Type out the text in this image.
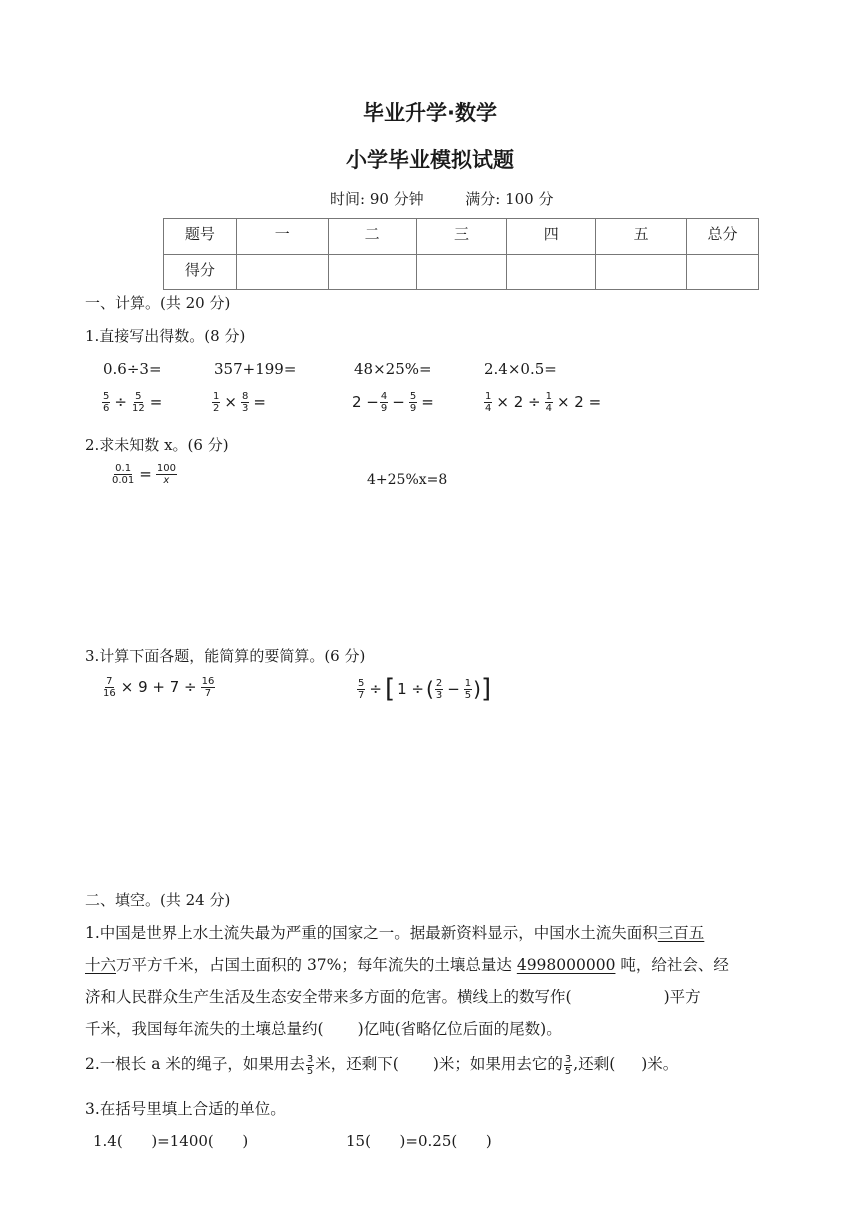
毕业升学·数学
小学毕业模拟试题
时间: 90 分钟	满分: 100 分
题号	一	二	三	四	五	总分
得分						
一、计算。(共 20 分)
1.直接写出得数。(8 分)
0.6÷3=	357+199=	48×25%=	2.4×0.5=
$\frac{5}{6} \div \frac{5}{12}$ =	$\frac{1}{2} \times \frac{8}{3}$ =	$2 - \frac{4}{9} - \frac{5}{9}$ =	$\frac{1}{4} \times 2 \div \frac{1}{4} \times 2$ =
2.求未知数 x。(6 分)
$\frac{0.1}{0.01} = \frac{100}{x}$	4+25%x=8
3.计算下面各题，能简算的要简算。(6 分)
$\frac{7}{16} \times 9 + 7 \div \frac{16}{7}$	$\frac{5}{7}$ ÷ [ 1 ÷ ( $\frac{2}{3} - \frac{1}{5}$ )]
二、填空。(共 24 分)
1.中国是世界上水土流失最为严重的国家之一。据最新资料显示，中国水土流失面积三百五
十六万平方千米，占国土面积的 37%；每年流失的土壤总量达 4998000000 吨，给社会、经
济和人民群众生产生活及生态安全带来多方面的危害。横线上的数写作(	)平方
千米，我国每年流失的土壤总量约( )亿吨(省略亿位后面的尾数)。
2.一根长 a 米的绳子，如果用去 $\frac{3}{5}$ 米，还剩下( )米；如果用去它的 $\frac{3}{5}$ ,还剩( )米。
3.在括号里填上合适的单位。
1.4(      )=1400(      )	15(      )=0.25(      )
